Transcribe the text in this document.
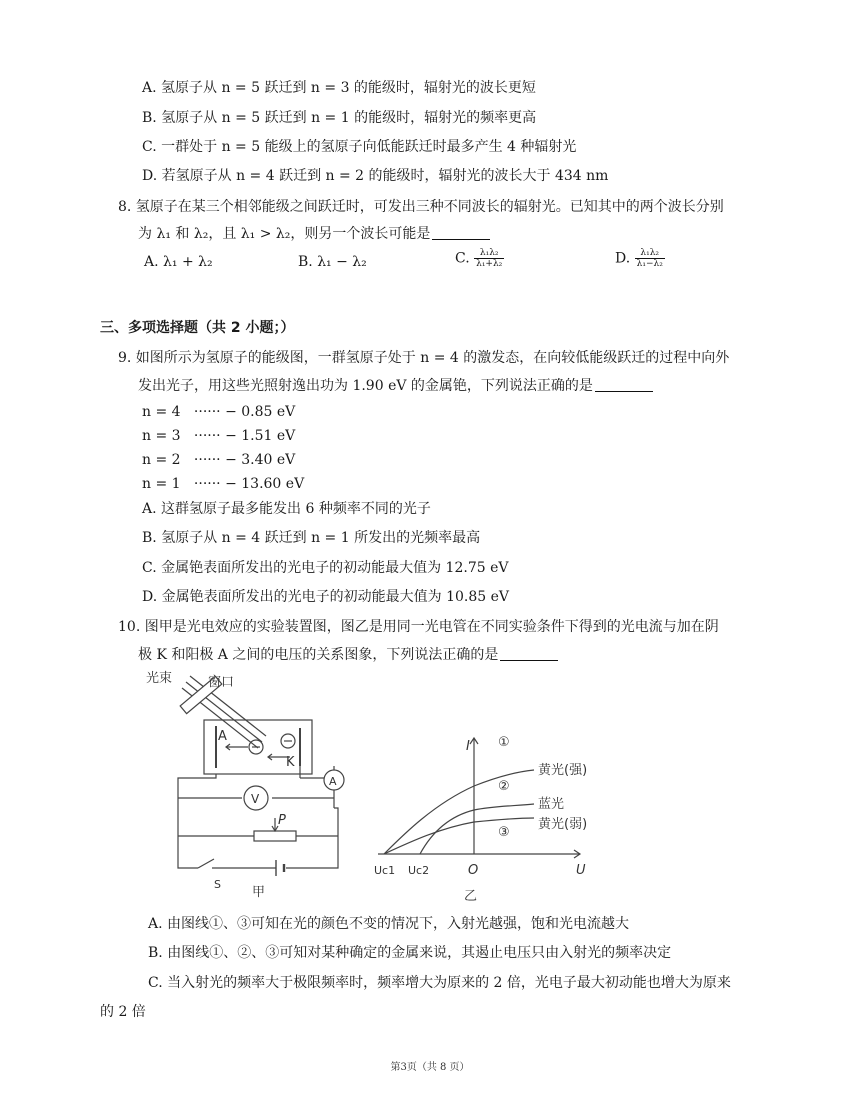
A. 氢原子从 n = 5 跃迁到 n = 3 的能级时，辐射光的波长更短
B. 氢原子从 n = 5 跃迁到 n = 1 的能级时，辐射光的频率更高
C. 一群处于 n = 5 能级上的氢原子向低能跃迁时最多产生 4 种辐射光
D. 若氢原子从 n = 4 跃迁到 n = 2 的能级时，辐射光的波长大于 434 nm
8. 氢原子在某三个相邻能级之间跃迁时，可发出三种不同波长的辐射光。已知其中的两个波长分别
为 λ₁ 和 λ₂，且 λ₁ > λ₂，则另一个波长可能是
A. λ₁ + λ₂	B. λ₁ − λ₂	C. $\frac{\text{λ₁λ₂}}{\text{λ₁+λ₂}}$	D. $\frac{\text{λ₁λ₂}}{\text{λ₁−λ₂}}$
三、多项选择题（共 2 小题；）
9. 如图所示为氢原子的能级图，一群氢原子处于 n = 4 的激发态，在向较低能级跃迁的过程中向外
发出光子，用这些光照射逸出功为 1.90 eV 的金属铯，下列说法正确的是
n = 4 ······ − 0.85 eV
n = 3 ······ − 1.51 eV
n = 2 ······ − 3.40 eV
n = 1 ······ − 13.60 eV
A. 这群氢原子最多能发出 6 种频率不同的光子
B. 氢原子从 n = 4 跃迁到 n = 1 所发出的光频率最高
C. 金属铯表面所发出的光电子的初动能最大值为 12.75 eV
D. 金属铯表面所发出的光电子的初动能最大值为 10.85 eV
10. 图甲是光电效应的实验装置图，图乙是用同一光电管在不同实验条件下得到的光电流与加在阴
极 K 和阳极 A 之间的电压的关系图象，下列说法正确的是
光束	窗口
A
K
A
V
P
S
甲
I
U
O
Uc1 Uc2
①
黄光(强)
②
蓝光
③
黄光(弱)
乙
A. 由图线①、③可知在光的颜色不变的情况下，入射光越强，饱和光电流越大
B. 由图线①、②、③可知对某种确定的金属来说，其遏止电压只由入射光的频率决定
C. 当入射光的频率大于极限频率时，频率增大为原来的 2 倍，光电子最大初动能也增大为原来
的 2 倍
第3页（共 8 页）
